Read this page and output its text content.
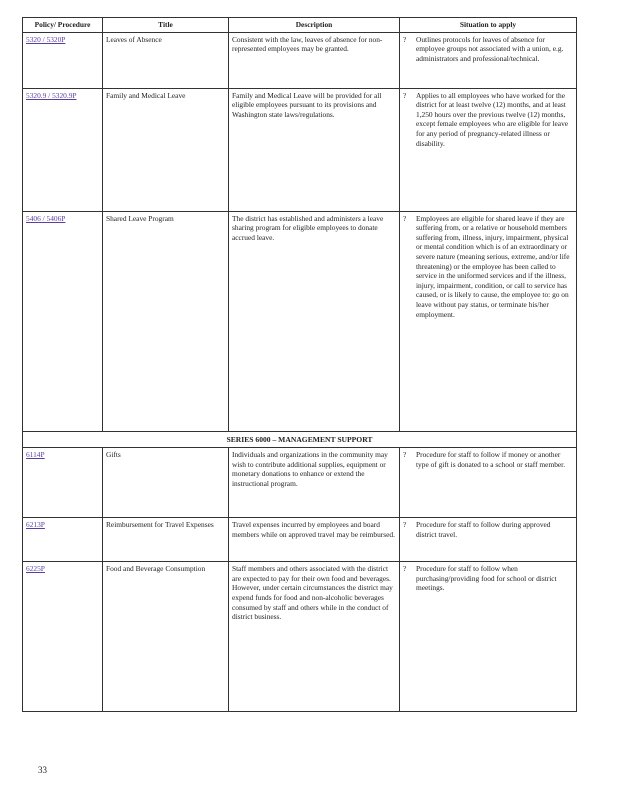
Policy/ Procedure	Title	Description	Situation to apply
5320 / 5320P	Leaves of Absence	Consistent with the law, leaves of absence for non-represented employees may be granted.	? Outlines protocols for leaves of absence for employee groups not associated with a union, e.g. administrators and professional/technical.
5320.9 / 5320.9P	Family and Medical Leave	Family and Medical Leave will be provided for all eligible employees pursuant to its provisions and Washington state laws/regulations.	? Applies to all employees who have worked for the district for at least twelve (12) months, and at least 1,250 hours over the previous twelve (12) months, except female employees who are eligible for leave for any period of pregnancy-related illness or disability.
5406 / 5406P	Shared Leave Program	The district has established and administers a leave sharing program for eligible employees to donate accrued leave.	? Employees are eligible for shared leave if they are suffering from, or a relative or household members suffering from, illness, injury, impairment, physical or mental condition which is of an extraordinary or severe nature (meaning serious, extreme, and/or life threatening) or the employee has been called to service in the uniformed services and if the illness, injury, impairment, condition, or call to service has caused, or is likely to cause, the employee to: go on leave without pay status, or terminate his/her employment.
SERIES 6000 – MANAGEMENT SUPPORT			
6114P	Gifts	Individuals and organizations in the community may wish to contribute additional supplies, equipment or monetary donations to enhance or extend the instructional program.	? Procedure for staff to follow if money or another type of gift is donated to a school or staff member.
6213P	Reimbursement for Travel Expenses	Travel expenses incurred by employees and board members while on approved travel may be reimbursed.	? Procedure for staff to follow during approved district travel.
6225P	Food and Beverage Consumption	Staff members and others associated with the district are expected to pay for their own food and beverages. However, under certain circumstances the district may expend funds for food and non-alcoholic beverages consumed by staff and others while in the conduct of district business.	? Procedure for staff to follow when purchasing/providing food for school or district meetings.
33
